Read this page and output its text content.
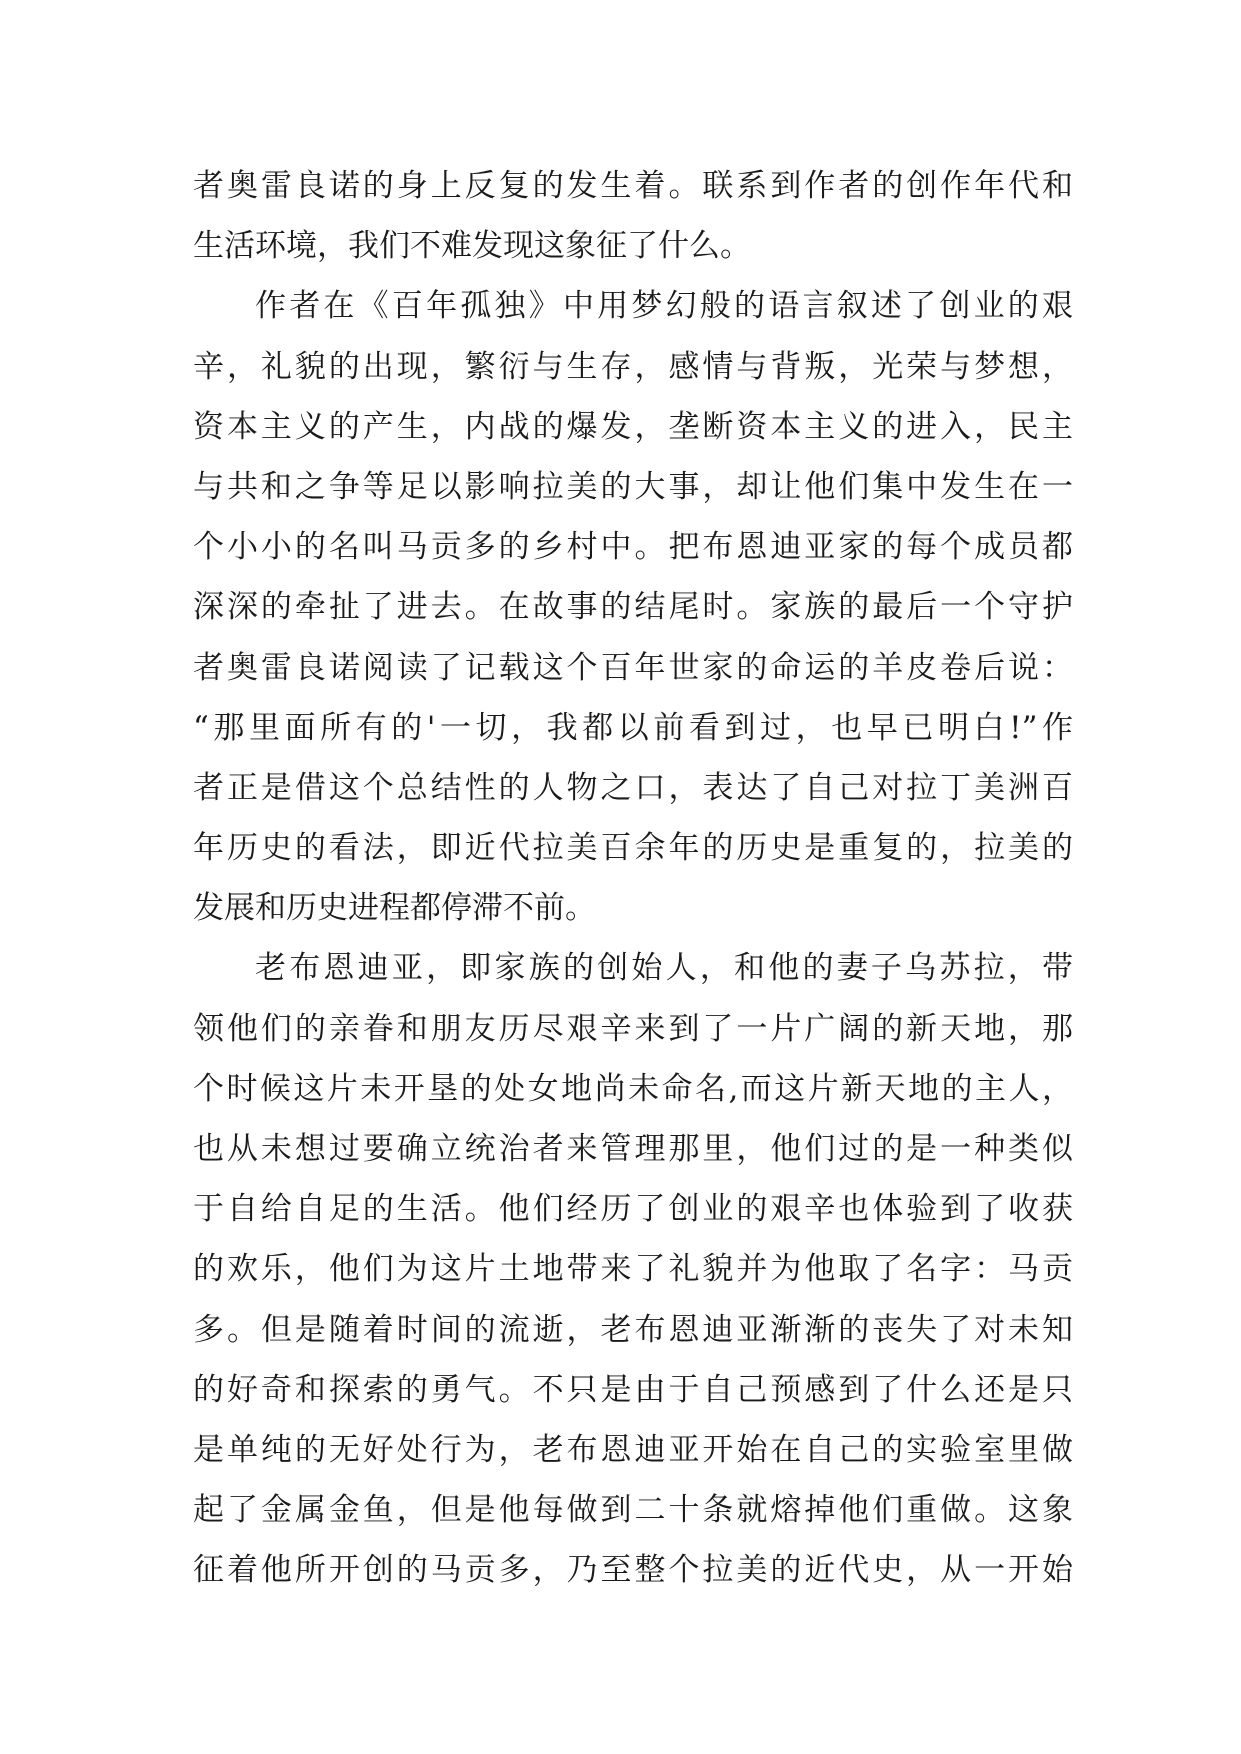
者奥雷良诺的身上反复的发生着。联系到作者的创作年代和
生活环境，我们不难发现这象征了什么。
作者在《百年孤独》中用梦幻般的语言叙述了创业的艰
辛，礼貌的出现，繁衍与生存，感情与背叛，光荣与梦想，
资本主义的产生，内战的爆发，垄断资本主义的进入，民主
与共和之争等足以影响拉美的大事，却让他们集中发生在一
个小小的名叫马贡多的乡村中。把布恩迪亚家的每个成员都
深深的牵扯了进去。在故事的结尾时。家族的最后一个守护
者奥雷良诺阅读了记载这个百年世家的命运的羊皮卷后说：
“那里面所有的'一切，我都以前看到过，也早已明白!”作
者正是借这个总结性的人物之口，表达了自己对拉丁美洲百
年历史的看法，即近代拉美百余年的历史是重复的，拉美的
发展和历史进程都停滞不前。
老布恩迪亚，即家族的创始人，和他的妻子乌苏拉，带
领他们的亲眷和朋友历尽艰辛来到了一片广阔的新天地，那
个时候这片未开垦的处女地尚未命名,而这片新天地的主人，
也从未想过要确立统治者来管理那里，他们过的是一种类似
于自给自足的生活。他们经历了创业的艰辛也体验到了收获
的欢乐，他们为这片土地带来了礼貌并为他取了名字：马贡
多。但是随着时间的流逝，老布恩迪亚渐渐的丧失了对未知
的好奇和探索的勇气。不只是由于自己预感到了什么还是只
是单纯的无好处行为，老布恩迪亚开始在自己的实验室里做
起了金属金鱼，但是他每做到二十条就熔掉他们重做。这象
征着他所开创的马贡多，乃至整个拉美的近代史，从一开始
